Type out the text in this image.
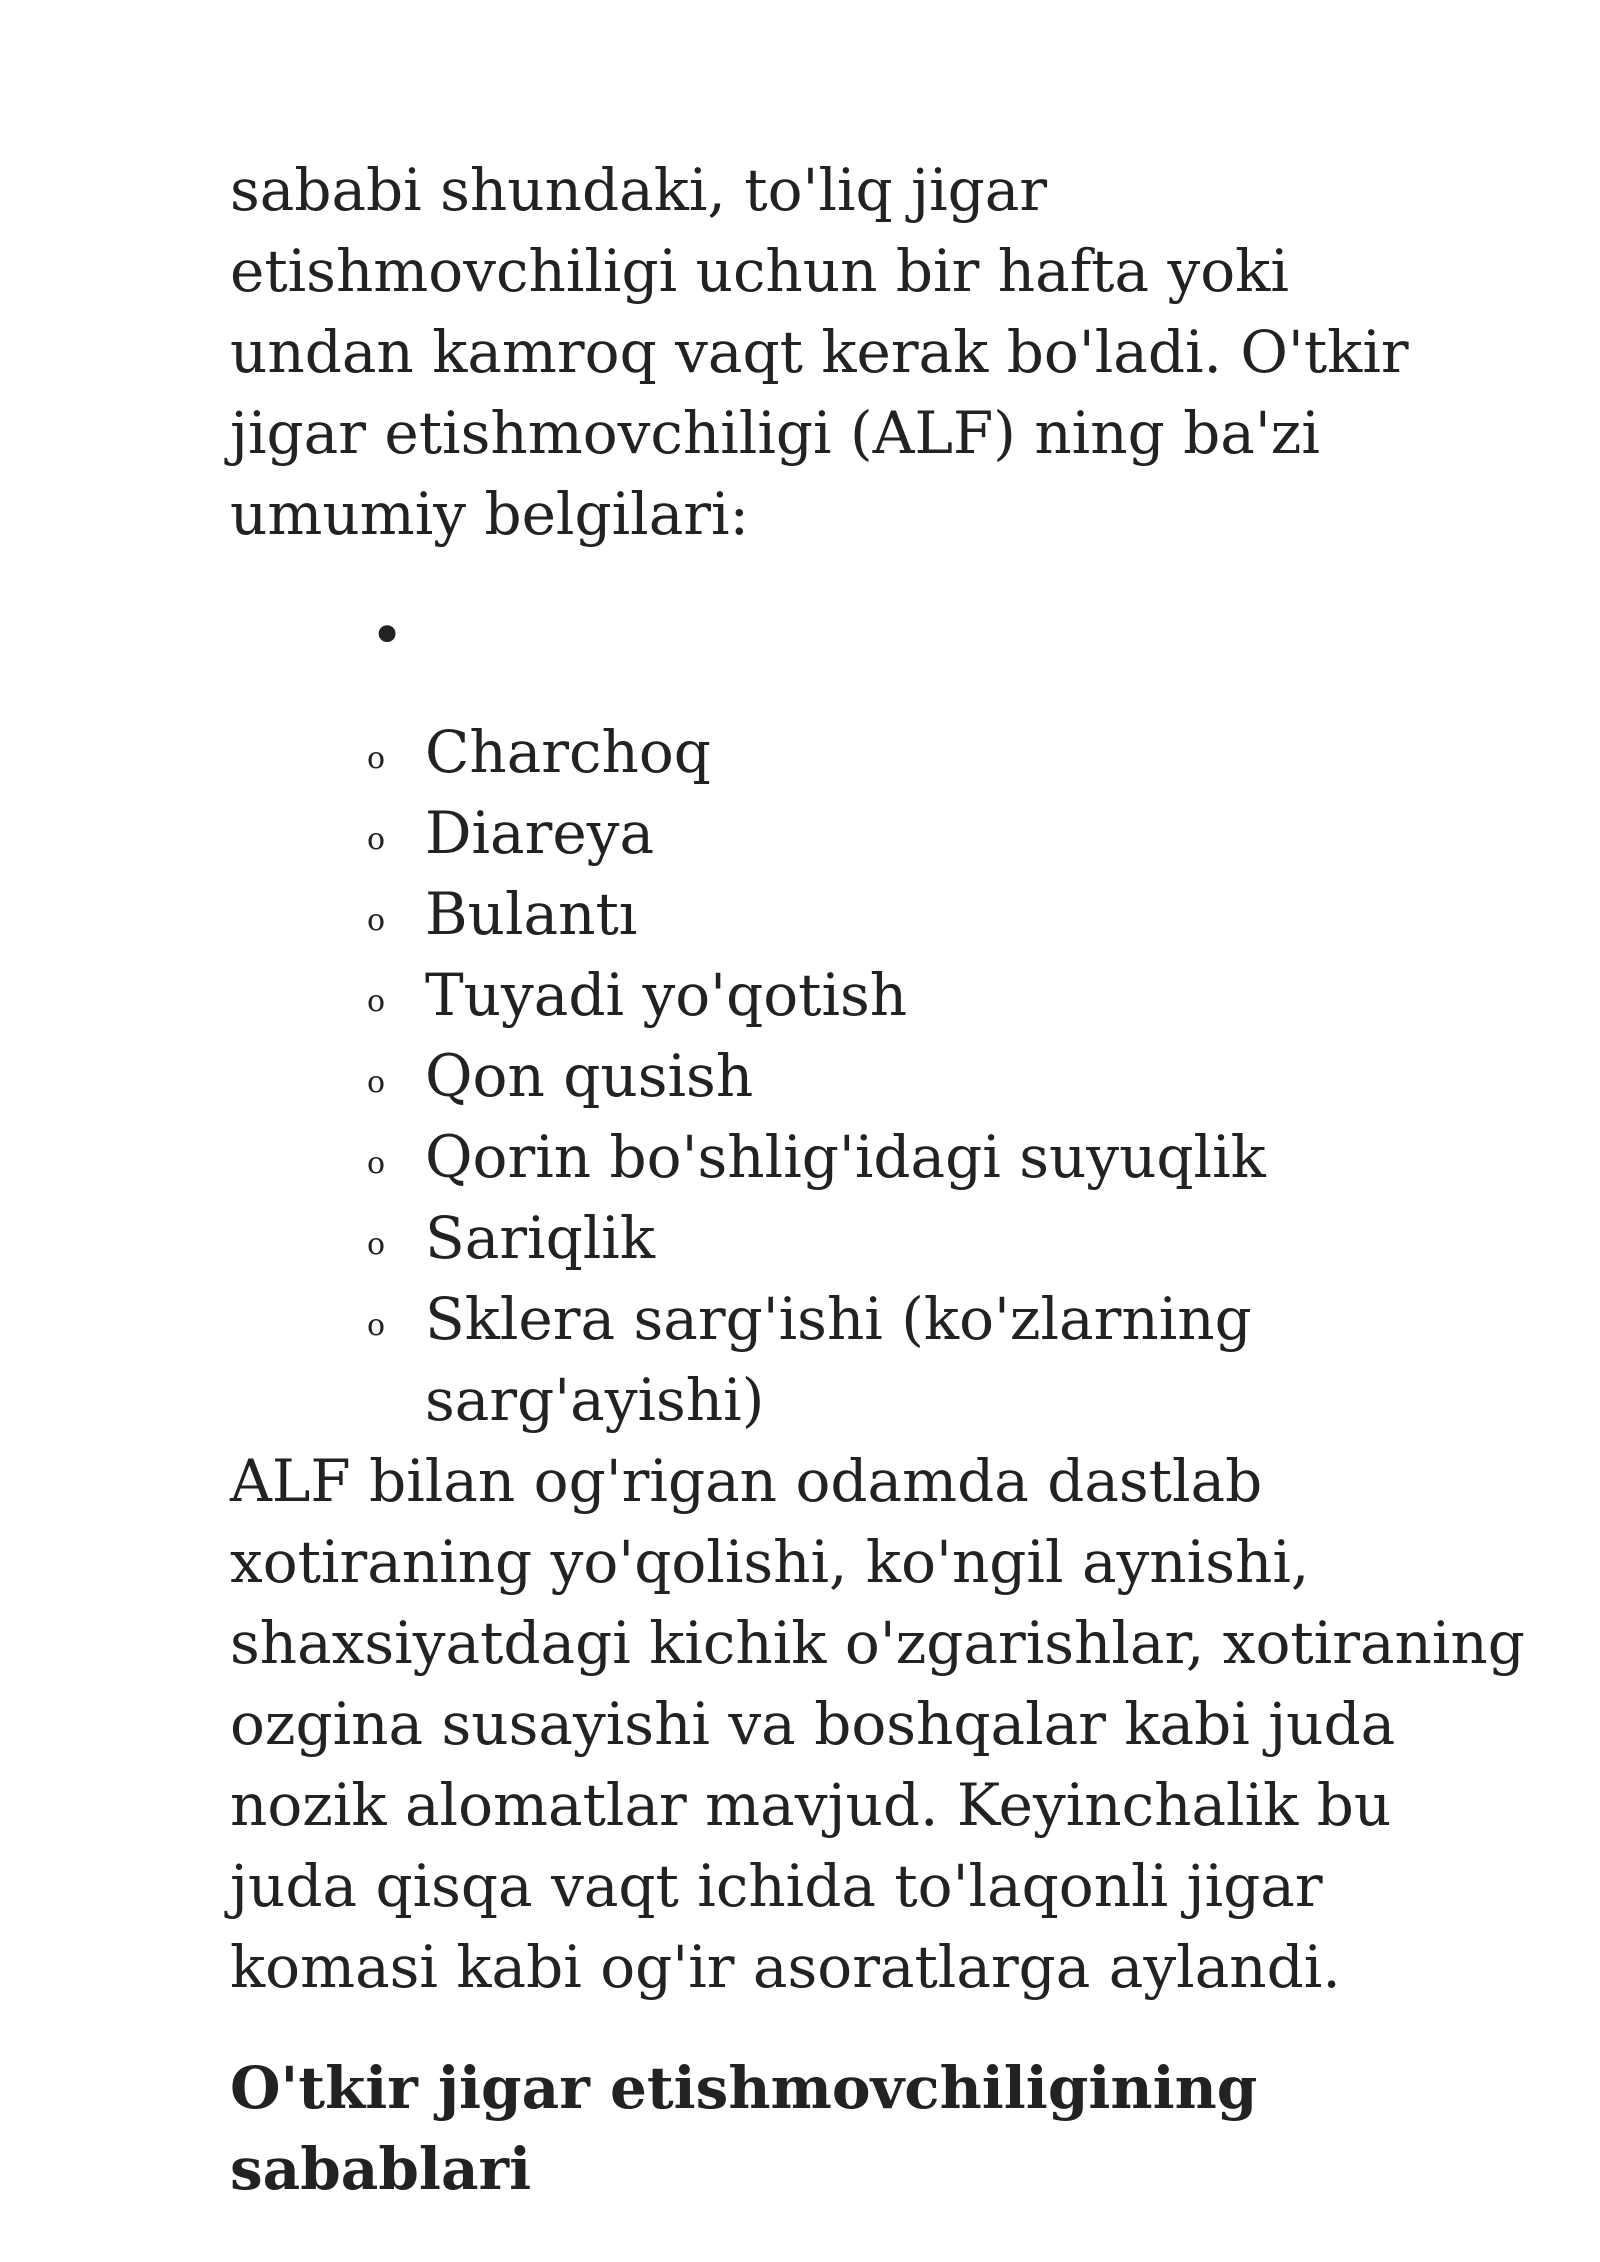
sababi shundaki, to'liq jigar etishmovchiligi uchun bir hafta yoki undan kamroq vaqt kerak bo'ladi. O'tkir jigar etishmovchiligi (ALF) ning ba'zi umumiy belgilari:

•
o Charchoq
o Diareya
o Bulantı
o Tuyadi yo'qotish
o Qon qusish
o Qorin bo'shlig'idagi suyuqlik
o Sariqlik
o Sklera sarg'ishi (ko'zlarning sarg'ayishi)

ALF bilan og'rigan odamda dastlab xotiraning yo'qolishi, ko'ngil aynishi, shaxsiyatdagi kichik o'zgarishlar, xotiraning ozgina susayishi va boshqalar kabi juda nozik alomatlar mavjud. Keyinchalik bu juda qisqa vaqt ichida to'laqonli jigar komasi kabi og'ir asoratlarga aylandi.

O'tkir jigar etishmovchiligining sabablari
